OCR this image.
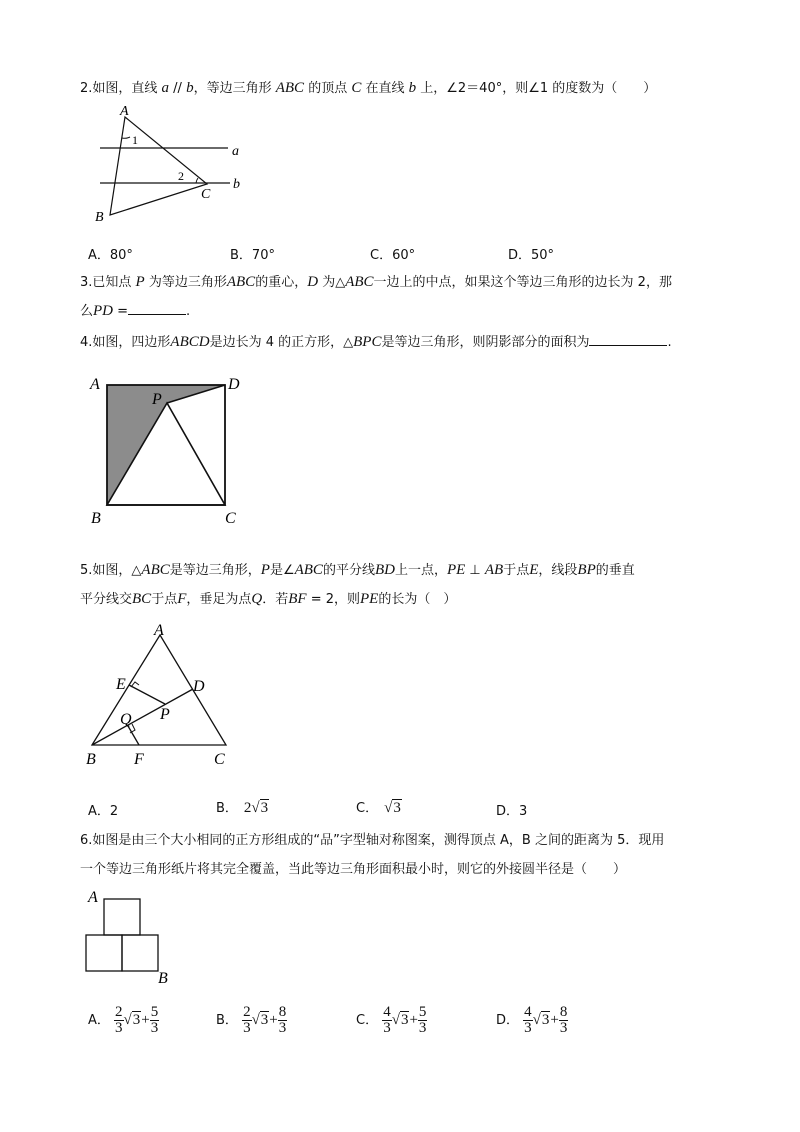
2.如图，直线 a // b，等边三角形 ABC 的顶点 C 在直线 b 上，∠2＝40°，则∠1 的度数为（　　）
A
B
C
a
b
1
2
A．80°	B．70°	C．60°	D．50°
3.已知点 P 为等边三角形ABC的重心，D 为△ABC一边上的中点，如果这个等边三角形的边长为 2，那
么PD =	.
4.如图，四边形ABCD是边长为 4 的正方形，△BPC是等边三角形，则阴影部分的面积为	.
A	D
B	C
P
5.如图，△ABC是等边三角形，P是∠ABC的平分线BD上一点，PE ⊥ AB于点E，线段BP的垂直
平分线交BC于点F，垂足为点Q．若BF = 2，则PE的长为（　）
A
E	D
P
Q
B F	C
A．2	B． 2√3	C． √3	D．3
6.如图是由三个大小相同的正方形组成的“品”字型轴对称图案，测得顶点 A，B 之间的距离为 5．现用
一个等边三角形纸片将其完全覆盖，当此等边三角形面积最小时，则它的外接圆半径是（　　）
A
B
A． $\frac{2}{3} √3+ \frac{5}{3}$	B． $\frac{2}{3} √3+ \frac{8}{3}$	C． $\frac{4}{3} √3+ \frac{5}{3}$	D． $\frac{4}{3} √3+ \frac{8}{3}$
